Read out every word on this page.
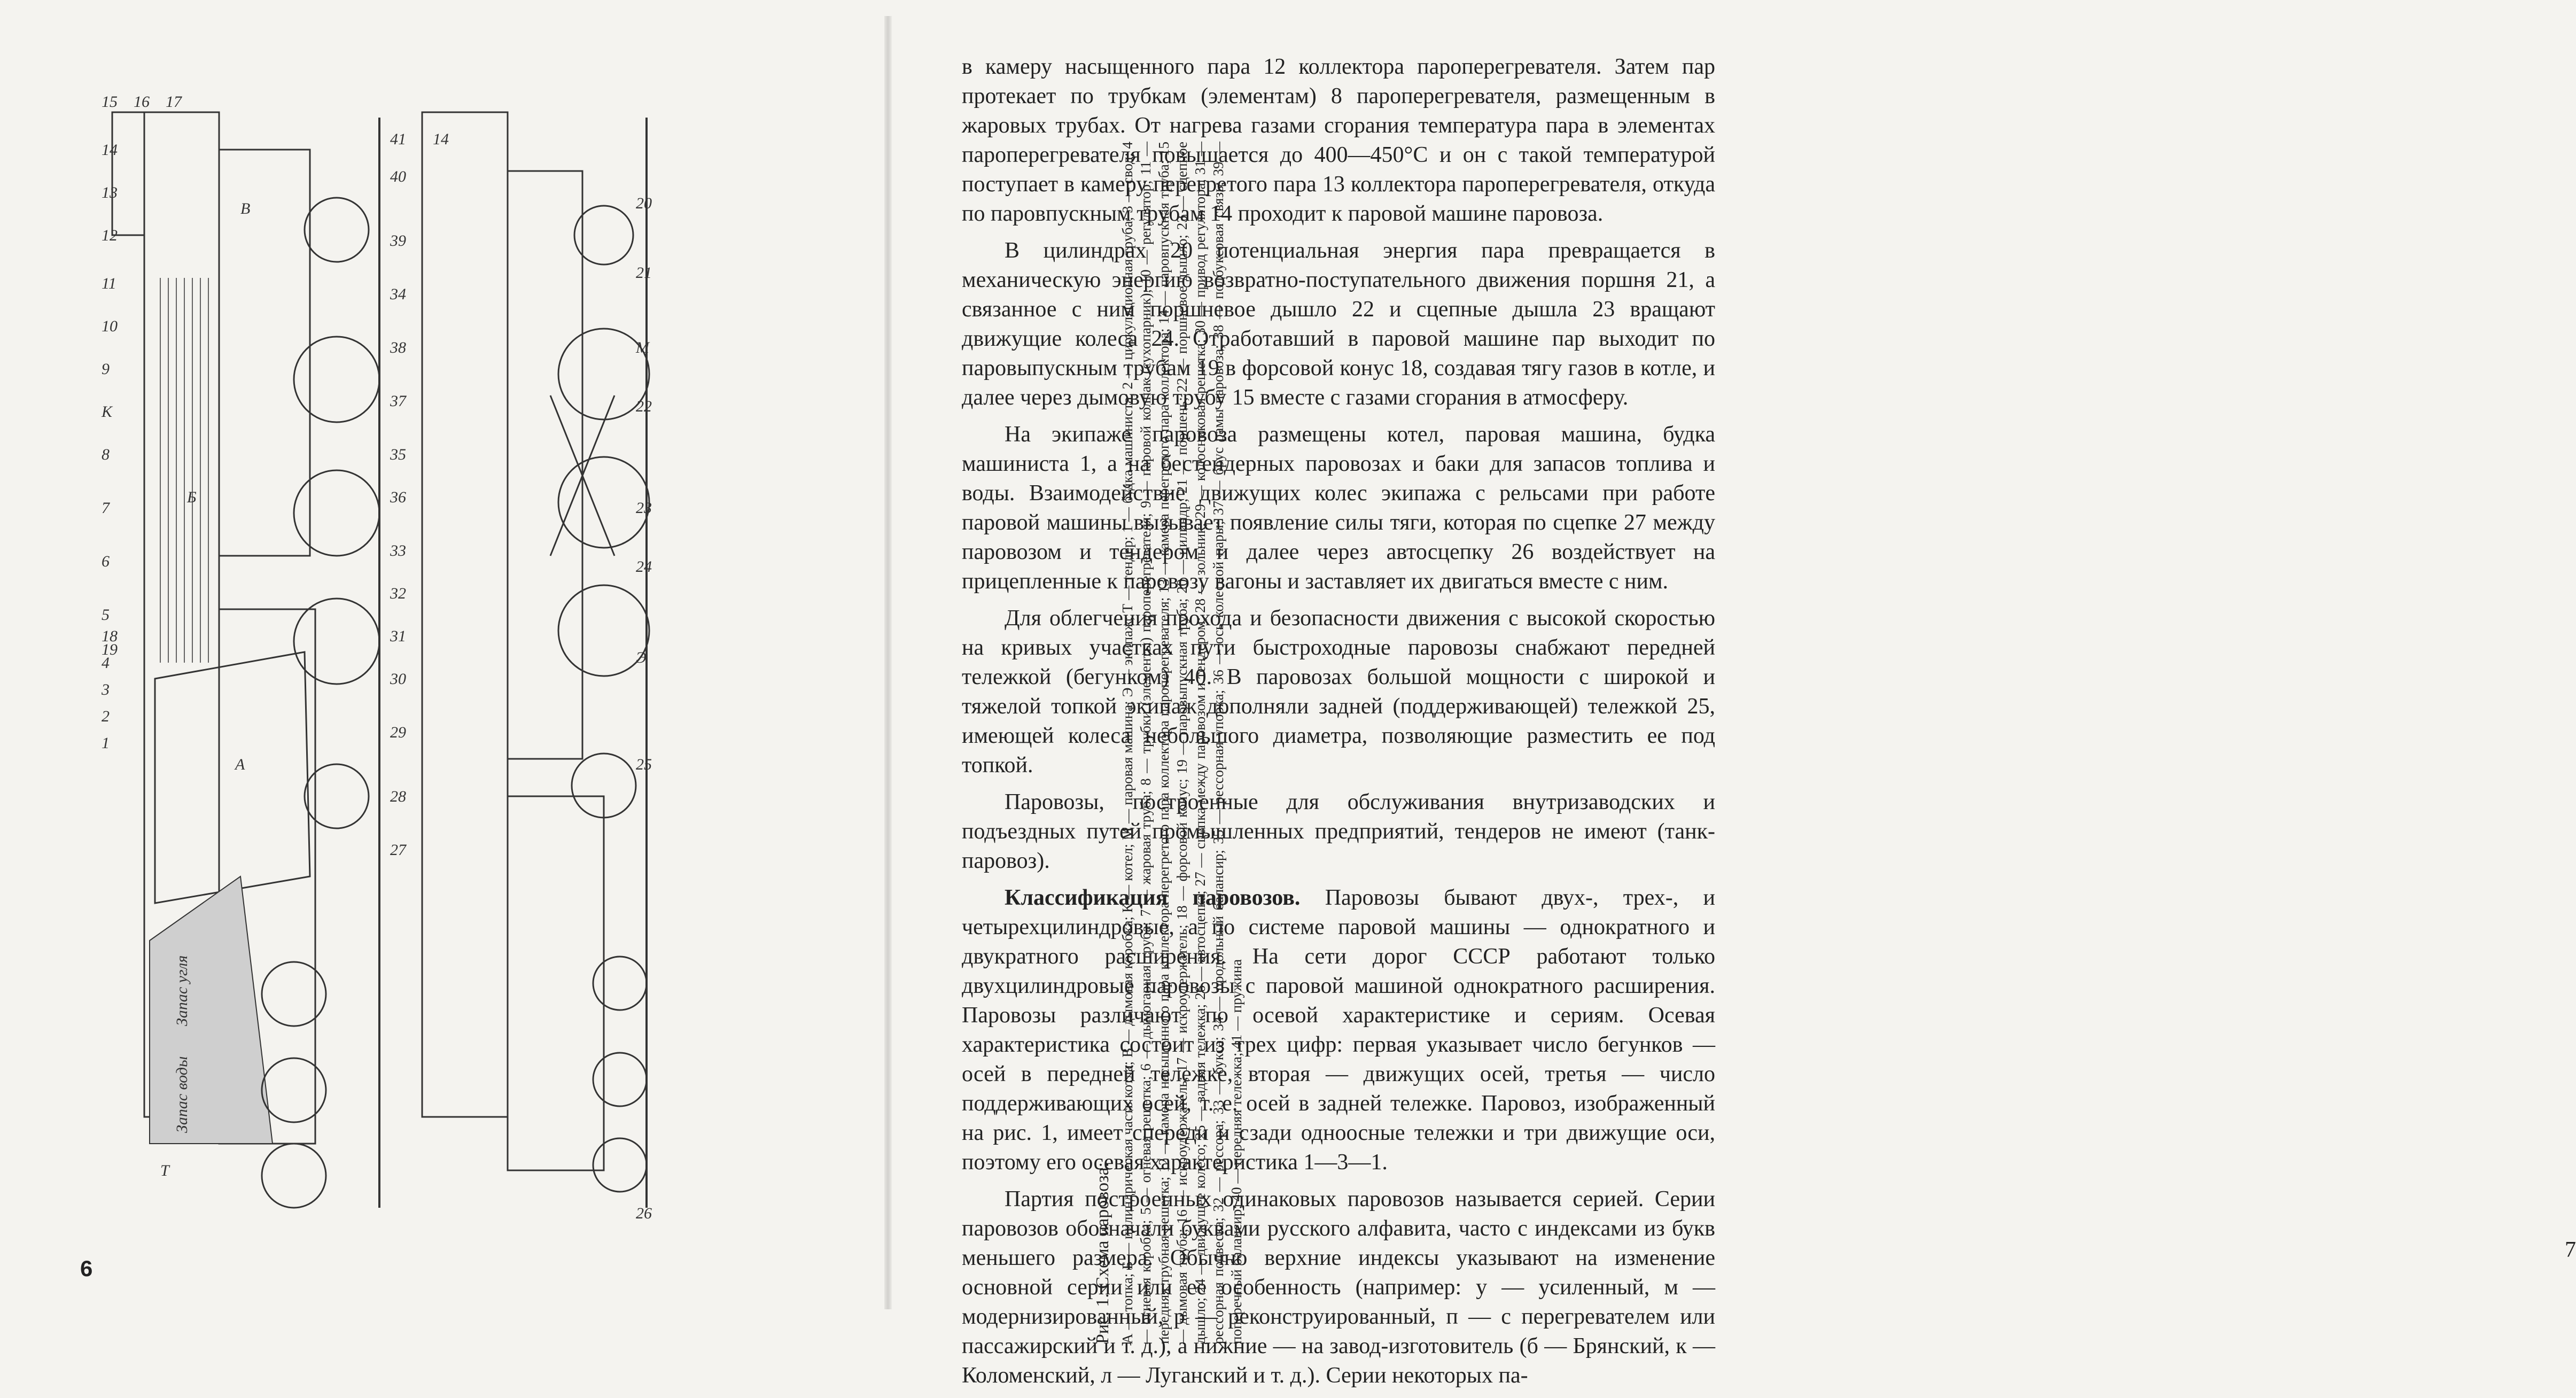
15 16 17
14
13
12
11
10
9
К
8
7
6
5
4
3
2
1
А
Б
В
Т
41
40
39
34
38
37
35
36
33
32
31
30
29
28
27
14
20
21
М
22
23
24
Э
25
26
18
19
Запас угля
Запас воды

Рис. 1. Схема паровоза: А — топка; Б — цилиндрическая часть котла; В — дымовая коробка; К — котел; М — паровая машина; Э — экипаж; Т — тендер; 1 — будка машиниста; 2 — циркуляционная труба; 3 — свод; 4 — огневая коробка; 5 — огневая решетка; 6 — дымогарная труба; 7 — жаровая труба; 8 — трубки (элементы) пароперегревателя; 9 — паровой колпак (сухопарник); 10 — регулятор; 11 — передняя трубная решетка; 12 — камера насыщенного пара коллектора перегретого пара коллектора пароперегревателя; 13 — камера перегретого пара коллектора; 14 — паровпускная труба; 15 — дымовая труба; 16 — искроудержатель; 17 — искроудержатель; 18 — форсовой конус; 19 — паровыпускная труба; 20 — цилиндр; 21 — поршень; 22 — поршневое дышло; 23 — сцепное дышло; 24 — движущее колесо; 25 — задняя тележка; 26 — автосцепка; 27 — сцепка между паровозом и тендером; 28 — зольник; 29 — колосниковая решетка; 30 — привод регулятора; 31 — рессорная подвеска; 32 — рессора; 33 — букса; 34 — продольный балансир; 35 — рессорная упорка; 36 — ось колесной пары; 37 — брус рамы паровоза; 38 — подбуксовая связь; 39 — поперечный балансир; 40 — передняя тележка; 41 — пружина

6

в камеру насыщенного пара 12 коллектора пароперегревателя. Затем пар протекает по трубкам (элементам) 8 пароперегревателя, размещенным в жаровых трубах. От нагрева газами сгорания температура пара в элементах пароперегревателя повышается до 400—450°С и он с такой температурой поступает в камеру перегретого пара 13 коллектора пароперегревателя, откуда по паровпускным трубам 14 проходит к паровой машине паровоза.

В цилиндрах 20 потенциальная энергия пара превращается в механическую энергию возвратно-поступательного движения поршня 21, а связанное с ним поршневое дышло 22 и сцепные дышла 23 вращают движущие колеса 24. Отработавший в паровой машине пар выходит по паровыпускным трубам 19 в форсовой конус 18, создавая тягу газов в котле, и далее через дымовую трубу 15 вместе с газами сгорания в атмосферу.

На экипаже паровоза размещены котел, паровая машина, будка машиниста 1, а на бестендерных паровозах и баки для запасов топлива и воды. Взаимодействие движущих колес экипажа с рельсами при работе паровой машины вызывает появление силы тяги, которая по сцепке 27 между паровозом и тендером и далее через автосцепку 26 воздействует на прицепленные к паровозу вагоны и заставляет их двигаться вместе с ним.

Для облегчения прохода и безопасности движения с высокой скоростью на кривых участках пути быстроходные паровозы снабжают передней тележкой (бегунком) 40. В паровозах большой мощности с широкой и тяжелой топкой экипаж дополняли задней (поддерживающей) тележкой 25, имеющей колеса небольшого диаметра, позволяющие разместить ее под топкой.

Паровозы, построенные для обслуживания внутризаводских и подъездных путей промышленных предприятий, тендеров не имеют (танк-паровоз).

Классификация паровозов. Паровозы бывают двух-, трех-, и четырехцилиндровые, а по системе паровой машины — однократного и двукратного расширения. На сети дорог СССР работают только двухцилиндровые паровозы с паровой машиной однократного расширения. Паровозы различают по осевой характеристике и сериям. Осевая характеристика состоит из трех цифр: первая указывает число бегунков — осей в передней тележке, вторая — движущих осей, третья — число поддерживающих осей, т. е. осей в задней тележке. Паровоз, изображенный на рис. 1, имеет спереди и сзади одноосные тележки и три движущие оси, поэтому его осевая характеристика 1—3—1.

Партия построенных одинаковых паровозов называется серией. Серии паровозов обозначали буквами русского алфавита, часто с индексами из букв меньшего размера. Обычно верхние индексы указывают на изменение основной серии или ее особенность (например: у — усиленный, м — модернизированный, р — реконструированный, п — с перегревателем или пассажирский и т. д.), а нижние — на завод-изготовитель (б — Брянский, к — Коломенский, л — Луганский и т. д.). Серии некоторых па-

7
